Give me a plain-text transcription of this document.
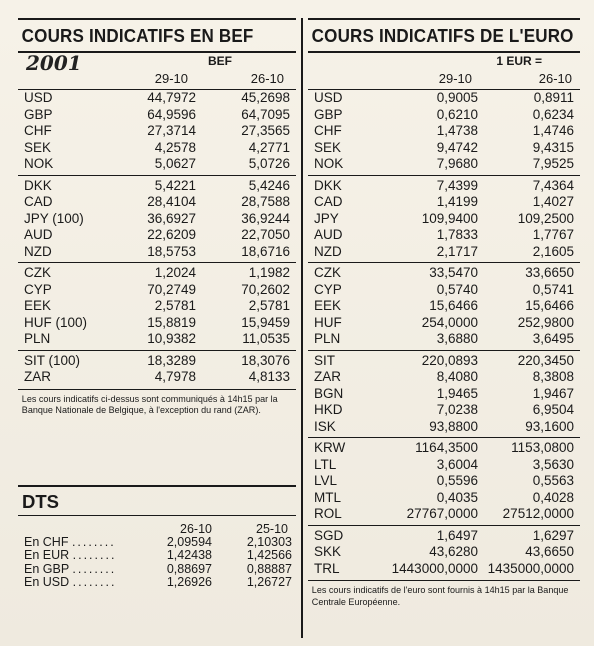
COURS INDICATIFS EN BEF
2001	BEF
29-10	26-10
USD	44,7972	45,2698
GBP	64,9596	64,7095
CHF	27,3714	27,3565
SEK	4,2578	4,2771
NOK	5,0627	5,0726
DKK	5,4221	5,4246
CAD	28,4104	28,7588
JPY (100)	36,6927	36,9244
AUD	22,6209	22,7050
NZD	18,5753	18,6716
CZK	1,2024	1,1982
CYP	70,2749	70,2602
EEK	2,5781	2,5781
HUF (100)	15,8819	15,9459
PLN	10,9382	11,0535
SIT (100)	18,3289	18,3076
ZAR	4,7978	4,8133
Les cours indicatifs ci-dessus sont communiqués à 14h15 par la Banque Nationale de Belgique, à l'exception du rand (ZAR).
DTS
26-10	25-10
En CHF ........	2,09594	2,10303
En EUR ........	1,42438	1,42566
En GBP ........	0,88697	0,88887
En USD ........	1,26926	1,26727
COURS INDICATIFS DE L'EURO
1 EUR =
29-10	26-10
USD	0,9005	0,8911
GBP	0,6210	0,6234
CHF	1,4738	1,4746
SEK	9,4742	9,4315
NOK	7,9680	7,9525
DKK	7,4399	7,4364
CAD	1,4199	1,4027
JPY	109,9400	109,2500
AUD	1,7833	1,7767
NZD	2,1717	2,1605
CZK	33,5470	33,6650
CYP	0,5740	0,5741
EEK	15,6466	15,6466
HUF	254,0000	252,9800
PLN	3,6880	3,6495
SIT	220,0893	220,3450
ZAR	8,4080	8,3808
BGN	1,9465	1,9467
HKD	7,0238	6,9504
ISK	93,8800	93,1600
KRW	1164,3500 1153,0800
LTL	3,6004	3,5630
LVL	0,5596	0,5563
MTL	0,4035	0,4028
ROL	27767,0000 27512,0000
SGD	1,6497	1,6297
SKK	43,6280	43,6650
TRL	1443000,0000 1435000,0000
Les cours indicatifs de l'euro sont fournis à 14h15 par la Banque Centrale Européenne.
